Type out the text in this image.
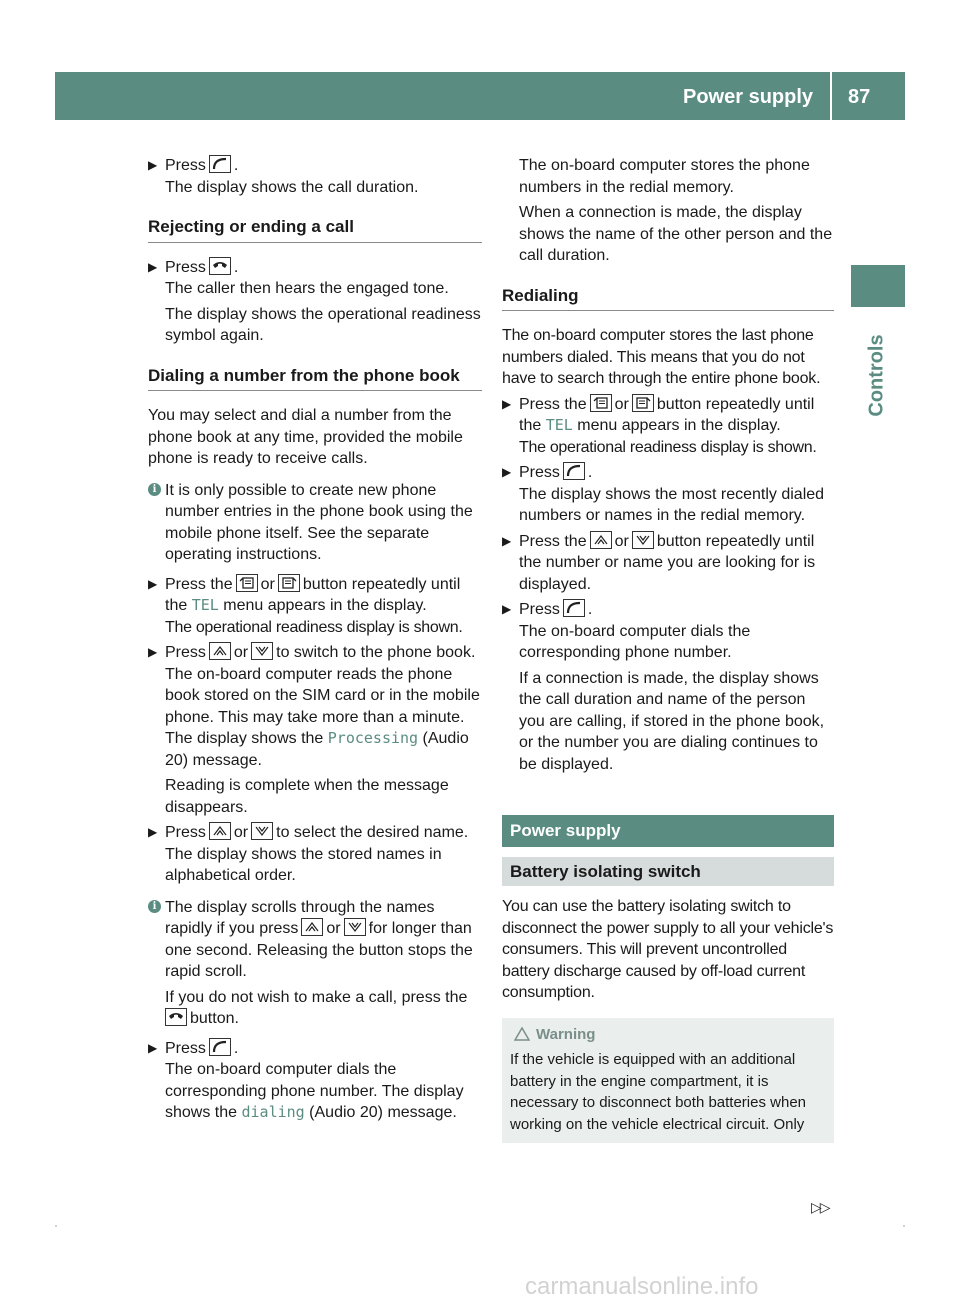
Power supply 87
Controls
▶ Press .
The display shows the call duration.
Rejecting or ending a call
▶ Press .
The caller then hears the engaged tone.
The display shows the operational readiness symbol again.
Dialing a number from the phone book
You may select and dial a number from the phone book at any time, provided the mobile phone is ready to receive calls.
i It is only possible to create new phone number entries in the phone book using the mobile phone itself. See the separate operating instructions.
▶ Press the or button repeatedly until the TEL menu appears in the display.
The operational readiness display is shown.
▶ Press or to switch to the phone book.
The on-board computer reads the phone book stored on the SIM card or in the mobile phone. This may take more than a minute. The display shows the Processing (Audio 20) message.
Reading is complete when the message disappears.
▶ Press or to select the desired name.
The display shows the stored names in alphabetical order.
i The display scrolls through the names rapidly if you press or for longer than one second. Releasing the button stops the rapid scroll.
If you do not wish to make a call, press the

button.
▶ Press .
The on-board computer dials the corresponding phone number. The display shows the dialing (Audio 20) message.
The on-board computer stores the phone numbers in the redial memory.
When a connection is made, the display shows the name of the other person and the call duration.
Redialing
The on-board computer stores the last phone numbers dialed. This means that you do not have to search through the entire phone book.
▶ Press the or button repeatedly until the TEL menu appears in the display.
The operational readiness display is shown.
▶ Press .
The display shows the most recently dialed numbers or names in the redial memory.
▶ Press the or button repeatedly until the number or name you are looking for is displayed.
▶ Press .
The on-board computer dials the corresponding phone number.
If a connection is made, the display shows the call duration and name of the person you are calling, if stored in the phone book, or the number you are dialing continues to be displayed.
Power supply
Battery isolating switch
You can use the battery isolating switch to disconnect the power supply to all your vehicle's consumers. This will prevent uncontrolled battery discharge caused by off-load current consumption.
Warning
If the vehicle is equipped with an additional battery in the engine compartment, it is necessary to disconnect both batteries when working on the vehicle electrical circuit. Only
▷▷
carmanualsonline.info
